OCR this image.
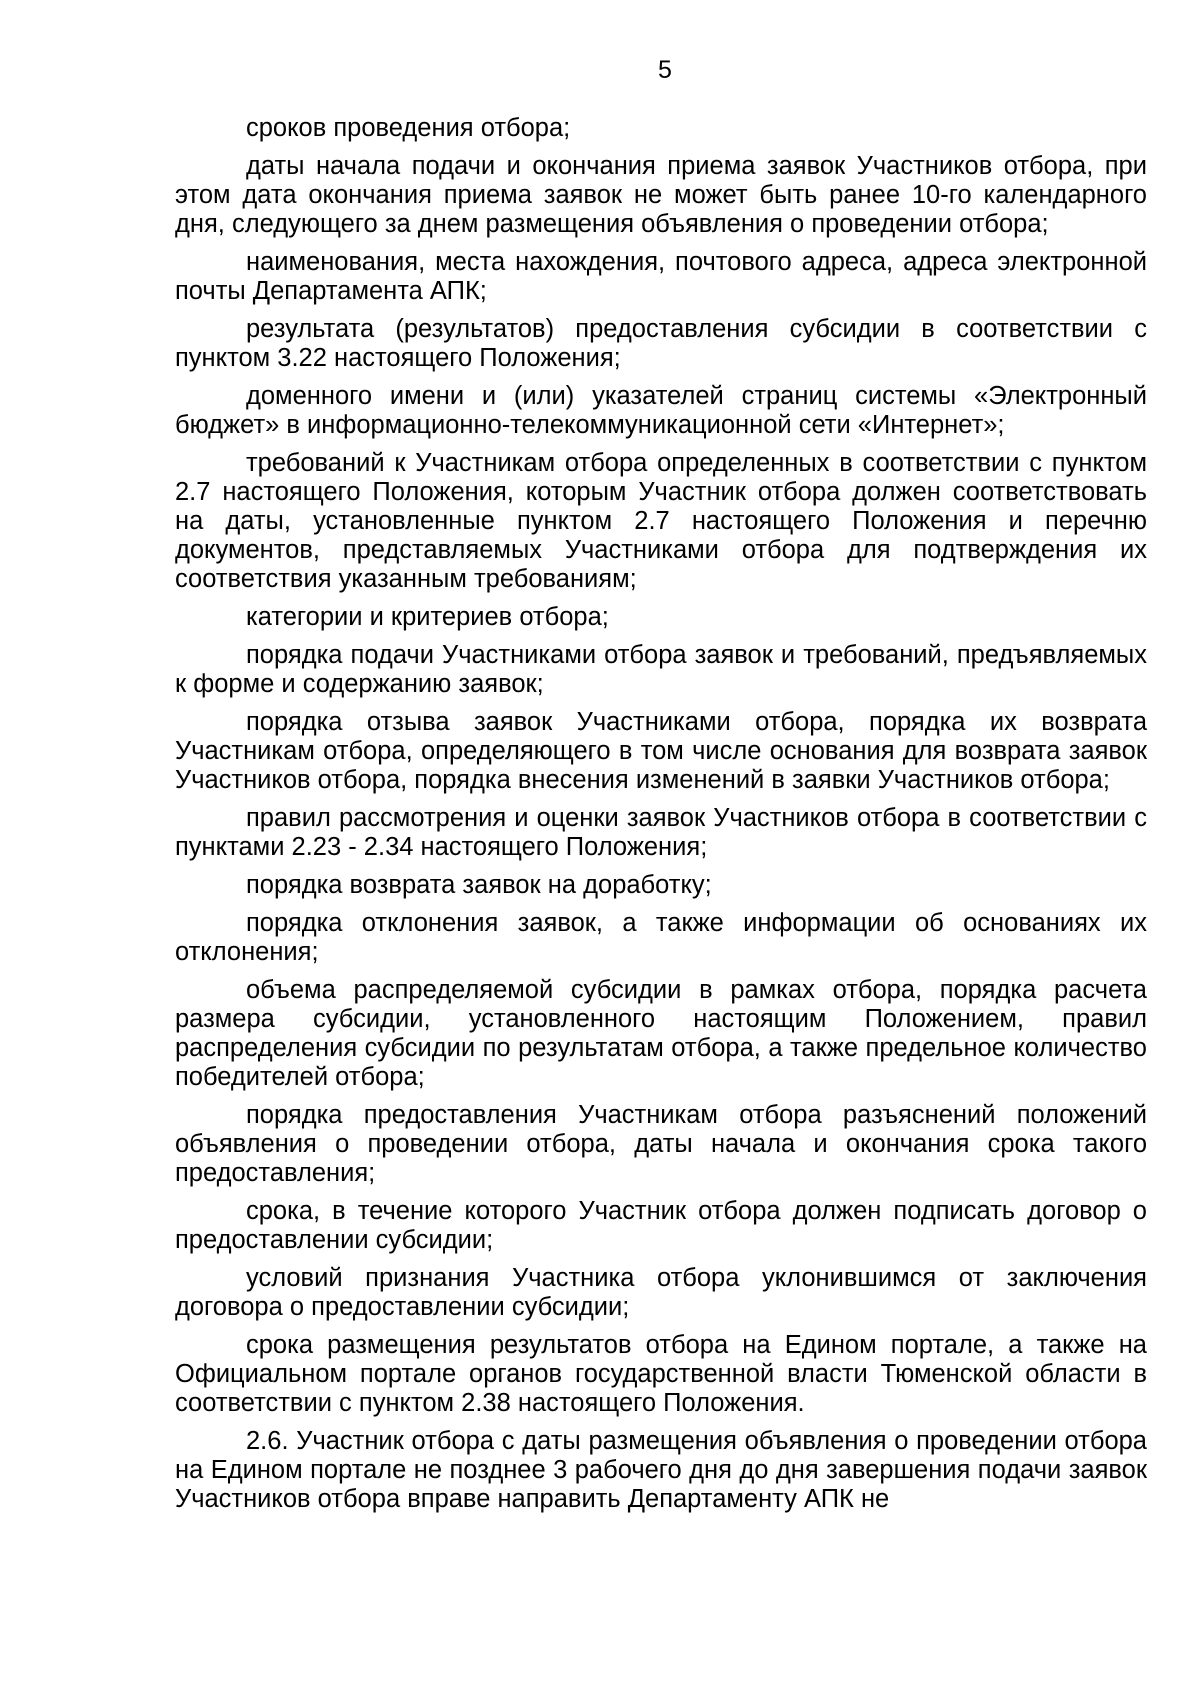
5

сроков проведения отбора;

даты начала подачи и окончания приема заявок Участников отбора, при этом дата окончания приема заявок не может быть ранее 10-го календарного дня, следующего за днем размещения объявления о проведении отбора;

наименования, места нахождения, почтового адреса, адреса электронной почты Департамента АПК;

результата (результатов) предоставления субсидии в соответствии с пунктом 3.22 настоящего Положения;

доменного имени и (или) указателей страниц системы «Электронный бюджет» в информационно-телекоммуникационной сети «Интернет»;

требований к Участникам отбора определенных в соответствии с пунктом 2.7 настоящего Положения, которым Участник отбора должен соответствовать на даты, установленные пунктом 2.7 настоящего Положения и перечню документов, представляемых Участниками отбора для подтверждения их соответствия указанным требованиям;

категории и критериев отбора;

порядка подачи Участниками отбора заявок и требований, предъявляемых к форме и содержанию заявок;

порядка отзыва заявок Участниками отбора, порядка их возврата Участникам отбора, определяющего в том числе основания для возврата заявок Участников отбора, порядка внесения изменений в заявки Участников отбора;

правил рассмотрения и оценки заявок Участников отбора в соответствии с пунктами 2.23 - 2.34 настоящего Положения;

порядка возврата заявок на доработку;

порядка отклонения заявок, а также информации об основаниях их отклонения;

объема распределяемой субсидии в рамках отбора, порядка расчета размера субсидии, установленного настоящим Положением, правил распределения субсидии по результатам отбора, а также предельное количество победителей отбора;

порядка предоставления Участникам отбора разъяснений положений объявления о проведении отбора, даты начала и окончания срока такого предоставления;

срока, в течение которого Участник отбора должен подписать договор о предоставлении субсидии;

условий признания Участника отбора уклонившимся от заключения договора о предоставлении субсидии;

срока размещения результатов отбора на Едином портале, а также на Официальном портале органов государственной власти Тюменской области в соответствии с пунктом 2.38 настоящего Положения.

2.6. Участник отбора с даты размещения объявления о проведении отбора на Едином портале не позднее 3 рабочего дня до дня завершения подачи заявок Участников отбора вправе направить Департаменту АПК не
